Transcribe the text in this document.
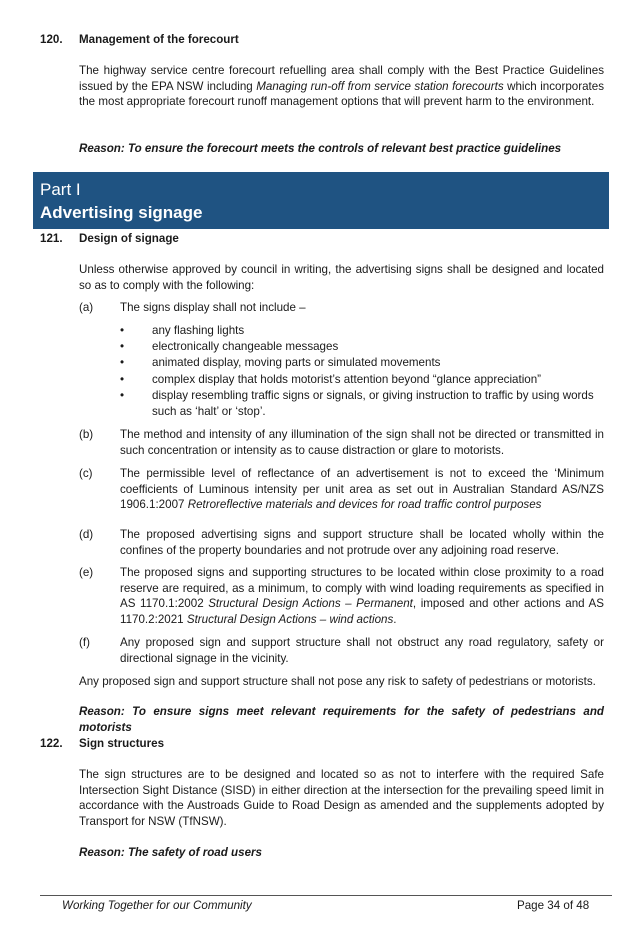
120. Management of the forecourt

The highway service centre forecourt refuelling area shall comply with the Best Practice Guidelines issued by the EPA NSW including Managing run-off from service station forecourts which incorporates the most appropriate forecourt runoff management options that will prevent harm to the environment.

Reason: To ensure the forecourt meets the controls of relevant best practice guidelines

Part I
Advertising signage
121. Design of signage

Unless otherwise approved by council in writing, the advertising signs shall be designed and located so as to comply with the following:

(a) The signs display shall not include –
• any flashing lights
• electronically changeable messages
• animated display, moving parts or simulated movements
• complex display that holds motorist’s attention beyond “glance appreciation”
• display resembling traffic signs or signals, or giving instruction to traffic by using words such as ‘halt’ or ‘stop’.
(b) The method and intensity of any illumination of the sign shall not be directed or transmitted in such concentration or intensity as to cause distraction or glare to motorists.
(c) The permissible level of reflectance of an advertisement is not to exceed the ‘Minimum coefficients of Luminous intensity per unit area as set out in Australian Standard AS/NZS 1906.1:2007 Retroreflective materials and devices for road traffic control purposes
(d) The proposed advertising signs and support structure shall be located wholly within the confines of the property boundaries and not protrude over any adjoining road reserve.
(e) The proposed signs and supporting structures to be located within close proximity to a road reserve are required, as a minimum, to comply with wind loading requirements as specified in AS 1170.1:2002 Structural Design Actions – Permanent, imposed and other actions and AS 1170.2:2021 Structural Design Actions – wind actions.
(f)	Any proposed sign and support structure shall not obstruct any road regulatory, safety or directional signage in the vicinity.

Any proposed sign and support structure shall not pose any risk to safety of pedestrians or motorists.

Reason: To ensure signs meet relevant requirements for the safety of pedestrians and motorists

122. Sign structures

The sign structures are to be designed and located so as not to interfere with the required Safe Intersection Sight Distance (SISD) in either direction at the intersection for the prevailing speed limit in accordance with the Austroads Guide to Road Design as amended and the supplements adopted by Transport for NSW (TfNSW).

Reason: The safety of road users

Working Together for our Community	Page 34 of 48
